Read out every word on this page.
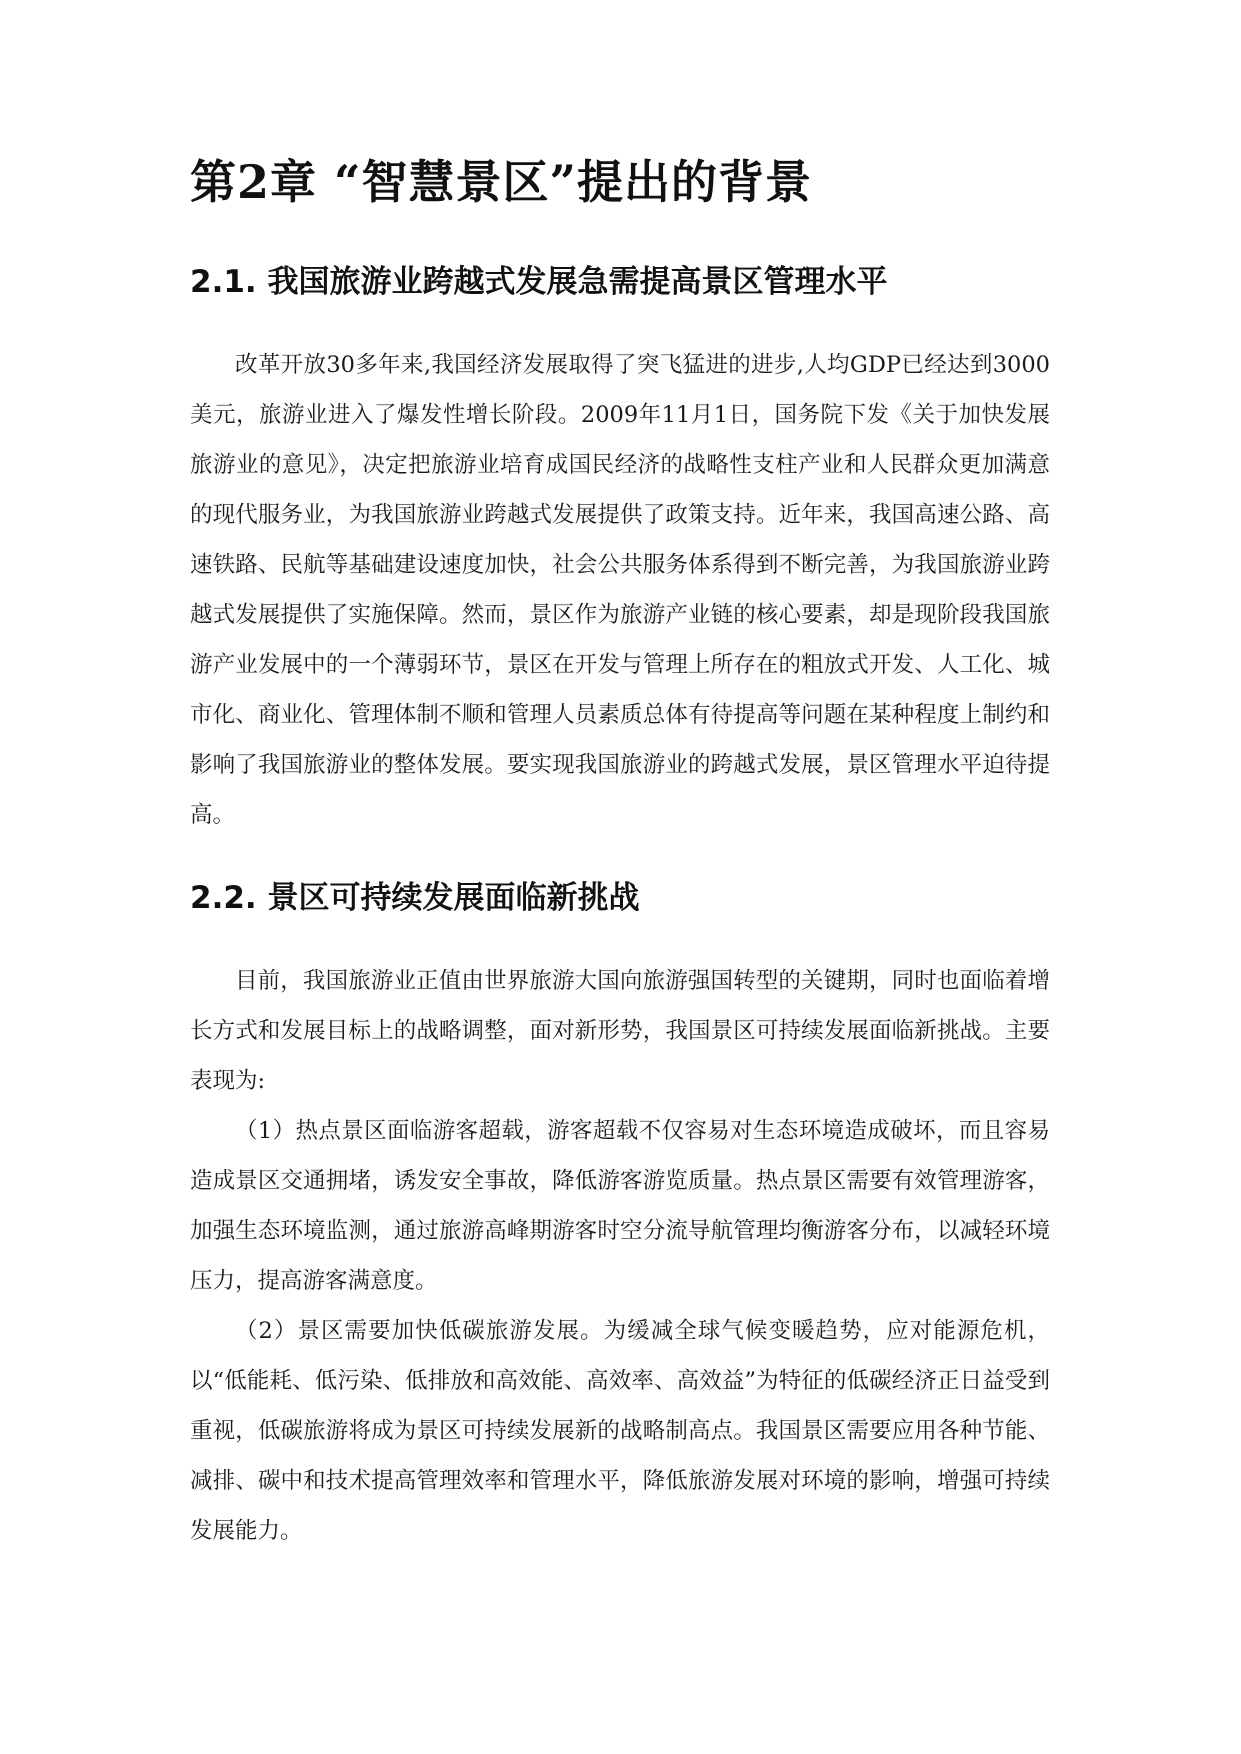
第2章 “智慧景区”提出的背景
2.1. 我国旅游业跨越式发展急需提高景区管理水平

改革开放30多年来,我国经济发展取得了突飞猛进的进步,人均GDP已经达到3000美元，旅游业进入了爆发性增长阶段。2009年11月1日，国务院下发《关于加快发展旅游业的意见》，决定把旅游业培育成国民经济的战略性支柱产业和人民群众更加满意的现代服务业，为我国旅游业跨越式发展提供了政策支持。近年来，我国高速公路、高速铁路、民航等基础建设速度加快，社会公共服务体系得到不断完善，为我国旅游业跨越式发展提供了实施保障。然而，景区作为旅游产业链的核心要素，却是现阶段我国旅游产业发展中的一个薄弱环节，景区在开发与管理上所存在的粗放式开发、人工化、城市化、商业化、管理体制不顺和管理人员素质总体有待提高等问题在某种程度上制约和影响了我国旅游业的整体发展。要实现我国旅游业的跨越式发展，景区管理水平迫待提高。

2.2. 景区可持续发展面临新挑战

目前，我国旅游业正值由世界旅游大国向旅游强国转型的关键期，同时也面临着增长方式和发展目标上的战略调整，面对新形势，我国景区可持续发展面临新挑战。主要表现为:

（1）热点景区面临游客超载，游客超载不仅容易对生态环境造成破坏，而且容易造成景区交通拥堵，诱发安全事故，降低游客游览质量。热点景区需要有效管理游客，加强生态环境监测，通过旅游高峰期游客时空分流导航管理均衡游客分布，以减轻环境压力，提高游客满意度。

（2）景区需要加快低碳旅游发展。为缓减全球气候变暖趋势，应对能源危机，以“低能耗、低污染、低排放和高效能、高效率、高效益”为特征的低碳经济正日益受到重视，低碳旅游将成为景区可持续发展新的战略制高点。我国景区需要应用各种节能、减排、碳中和技术提高管理效率和管理水平，降低旅游发展对环境的影响，增强可持续发展能力。
